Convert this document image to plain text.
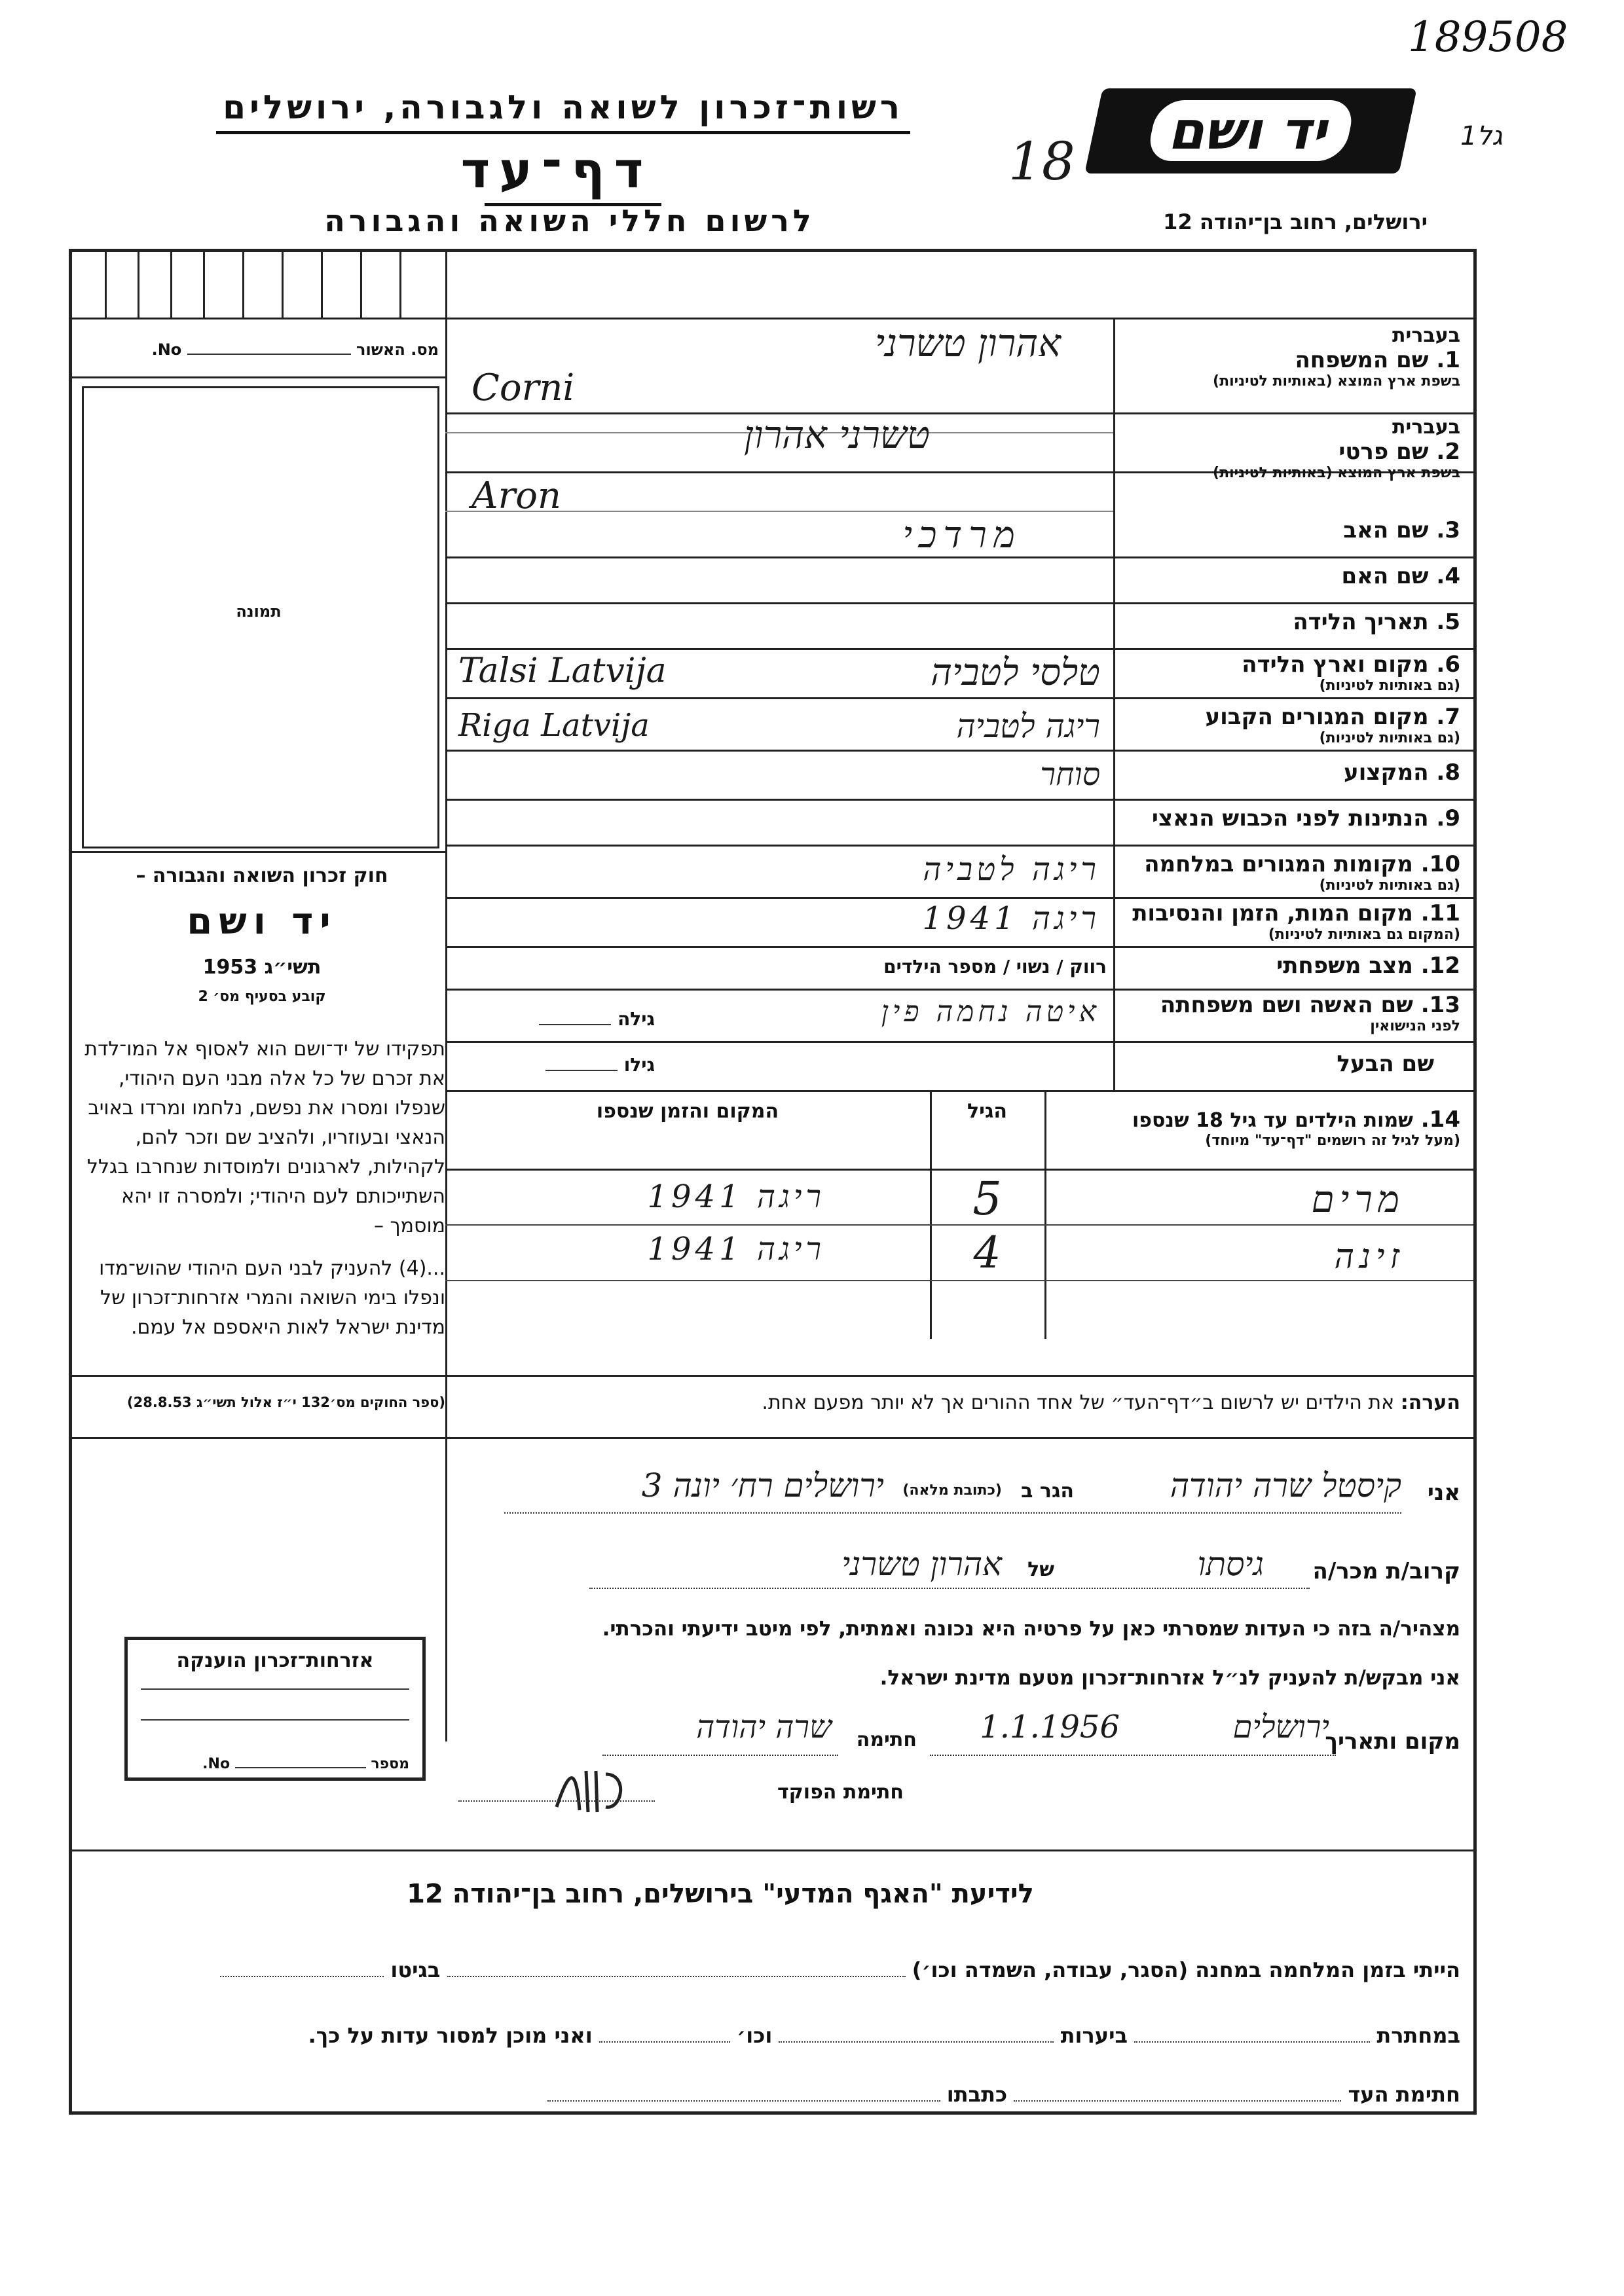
189508
גל1
18
רשות־זכרון לשואה ולגבורה, ירושלים
דף־עד
לרשום חללי השואה והגבורה
יד ושם
ירושלים, רחוב בן־יהודה 12
מס. האשור  No.
תמונה
חוק זכרון השואה והגבורה –
יד ושם
תשי״ג 1953
קובע בסעיף מס׳ 2
תפקידו של יד־ושם הוא לאסוף אל המו־לדת את זכרם של כל אלה מבני העם היהודי, שנפלו ומסרו את נפשם, נלחמו ומרדו באויב הנאצי ובעוזריו, ולהציב שם וזכר להם, לקהילות, לארגונים ולמוסדות שנחרבו בגלל השתייכותם לעם היהודי; ולמסרה זו יהא מוסמך –
...(4) להעניק לבני העם היהודי שהוש־מדו ונפלו בימי השואה והמרי אזרחות־זכרון של מדינת ישראל לאות היאספם אל עמם.
(ספר החוקים מס׳132 י״ז אלול תשי״ג 28.8.53)
בעברית
1. שם המשפחה
בשפת ארץ המוצא (באותיות לטיניות)
אהרון טשרני
Corni
בעברית
2. שם פרטי
בשפת ארץ המוצא (באותיות לטיניות)
טשרני אהרון
Aron
3. שם האב
מרדכי
4. שם האם
5. תאריך הלידה
6. מקום וארץ הלידה
(גם באותיות לטיניות)
טלסי לטביה
Talsi Latvija
7. מקום המגורים הקבוע
(גם באותיות לטיניות)
ריגה לטביה
Riga Latvija
8. המקצוע
סוחר
9. הנתינות לפני הכבוש הנאצי
10. מקומות המגורים במלחמה
(גם באותיות לטיניות)
ריגה לטביה
11. מקום המות, הזמן והנסיבות
(המקום גם באותיות לטיניות)
ריגה 1941
12. מצב משפחתי
רווק / נשוי / מספר הילדים
13. שם האשה ושם משפחתה
לפני הנישואין
איטה נחמה פין
גילה
שם הבעל
גילו
14. שמות הילדים עד גיל 18 שנספו
(מעל לגיל זה רושמים "דף־עד" מיוחד)
הגיל
המקום והזמן שנספו
מרים
5
ריגה 1941
זינה
4
ריגה 1941
הערה: את הילדים יש לרשום ב״דף־העד״ של אחד ההורים אך לא יותר מפעם אחת.
אני
קיסטל שרה יהודה
הגר ב
(כתובת מלאה)
ירושלים רח׳ יונה 3
קרוב/ת מכר/ה
גיסתו
של
אהרון טשרני
מצהיר/ה בזה כי העדות שמסרתי כאן על פרטיה היא נכונה ואמתית, לפי מיטב ידיעתי והכרתי.
אני מבקש/ת להעניק לנ״ל אזרחות־זכרון מטעם מדינת ישראל.
מקום ותאריך
ירושלים
1.1.1956
חתימה
שרה יהודה
חתימת הפוקד
אזרחות־זכרון הוענקה
מספר  No.
לידיעת "האגף המדעי" בירושלים, רחוב בן־יהודה 12
הייתי בזמן המלחמה במחנה (הסגר, עבודה, השמדה וכו׳)  בגיטו
במחתרת  ביערות  וכו׳  ואני מוכן למסור עדות על כך.
חתימת העד  כתבתו
